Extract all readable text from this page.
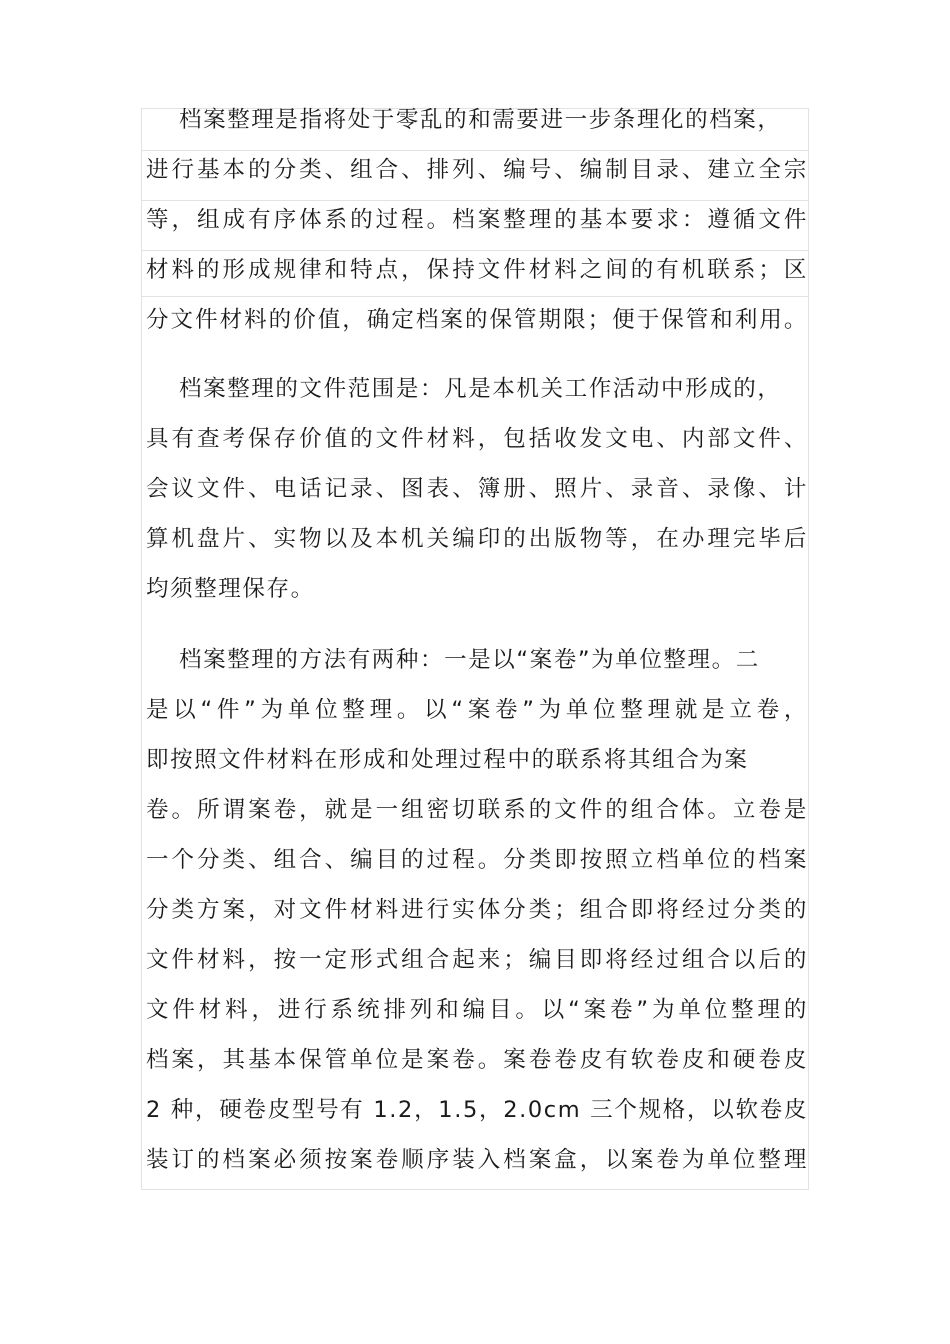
档案整理是指将处于零乱的和需要进一步条理化的档案，
进行基本的分类、组合、排列、编号、编制目录、建立全宗
等，组成有序体系的过程。档案整理的基本要求：遵循文件
材料的形成规律和特点，保持文件材料之间的有机联系；区
分文件材料的价值，确定档案的保管期限；便于保管和利用。
档案整理的文件范围是：凡是本机关工作活动中形成的，
具有查考保存价值的文件材料，包括收发文电、内部文件、
会议文件、电话记录、图表、簿册、照片、录音、录像、计
算机盘片、实物以及本机关编印的出版物等，在办理完毕后
均须整理保存。
档案整理的方法有两种：一是以“案卷”为单位整理。二
是以“件”为单位整理。以“案卷”为单位整理就是立卷，
即按照文件材料在形成和处理过程中的联系将其组合为案
卷。所谓案卷，就是一组密切联系的文件的组合体。立卷是
一个分类、组合、编目的过程。分类即按照立档单位的档案
分类方案，对文件材料进行实体分类；组合即将经过分类的
文件材料，按一定形式组合起来；编目即将经过组合以后的
文件材料，进行系统排列和编目。以“案卷”为单位整理的
档案，其基本保管单位是案卷。案卷卷皮有软卷皮和硬卷皮
2 种，硬卷皮型号有 1.2，1.5，2.0cm 三个规格，以软卷皮
装订的档案必须按案卷顺序装入档案盒，以案卷为单位整理
